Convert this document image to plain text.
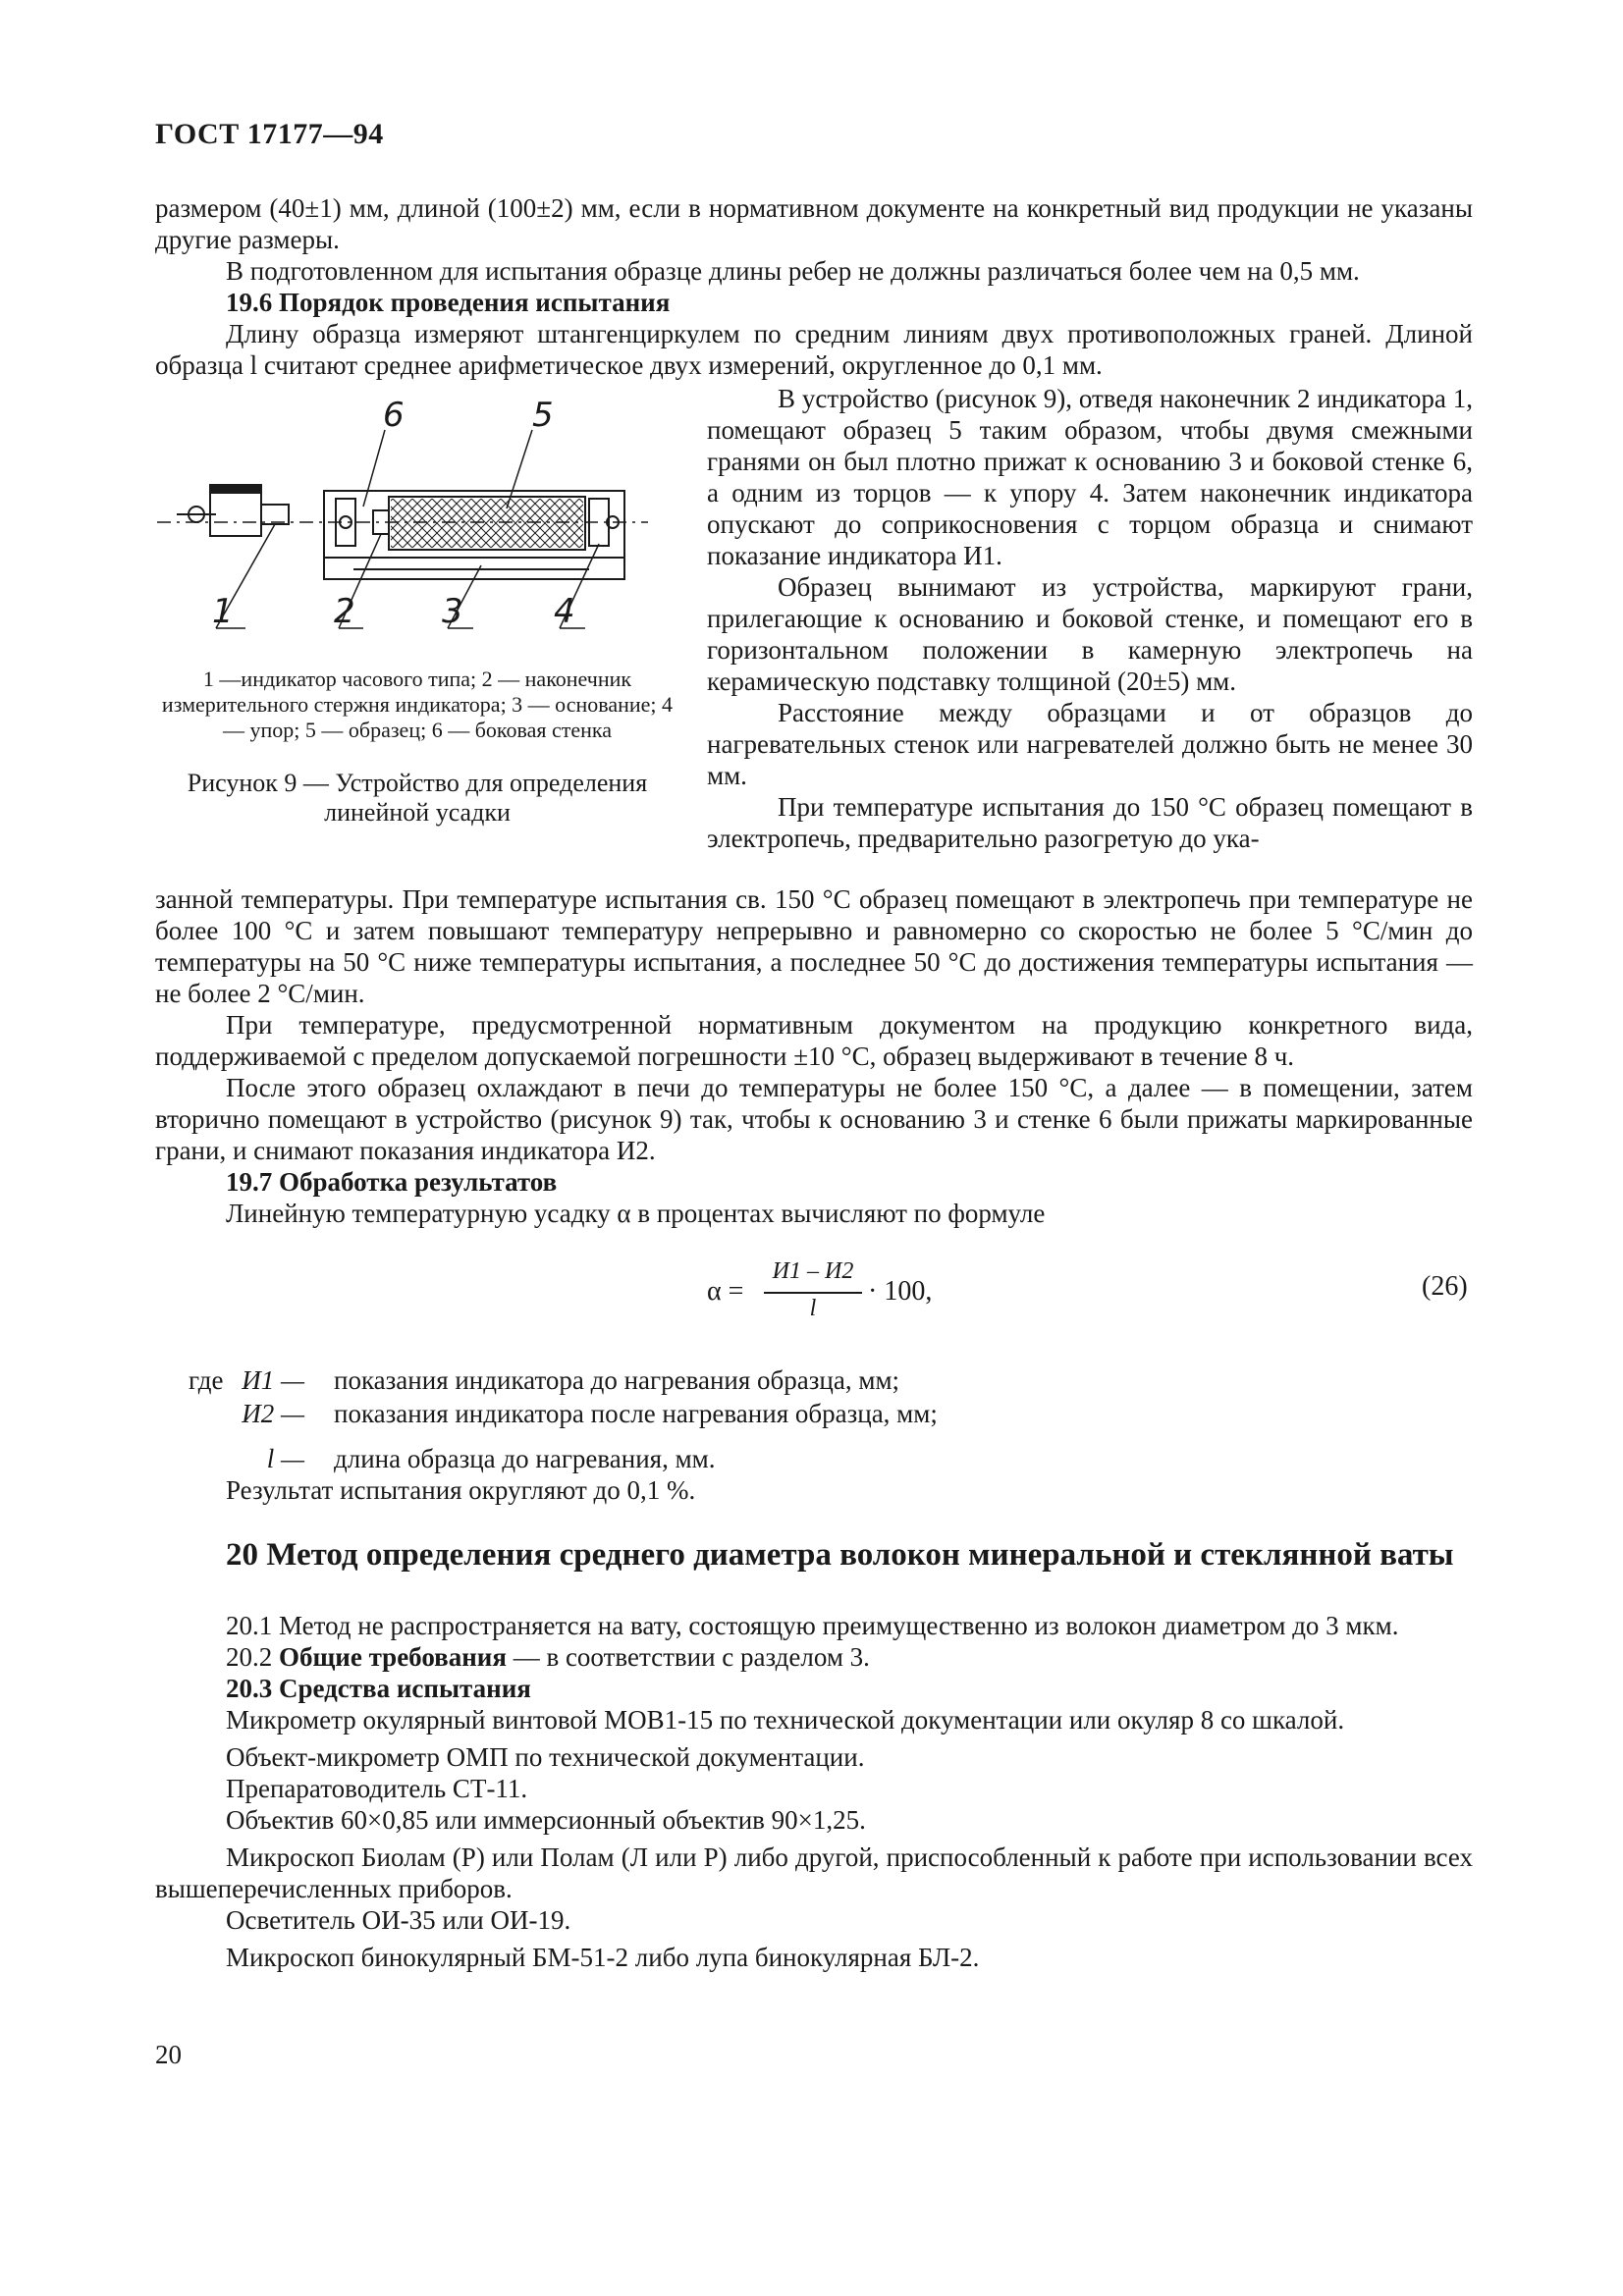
ГОСТ 17177—94

размером (40±1) мм, длиной (100±2) мм, если в нормативном документе на конкретный вид продукции не указаны другие размеры.

В подготовленном для испытания образце длины ребер не должны различаться более чем на 0,5 мм.

19.6 Порядок проведения испытания

Длину образца измеряют штангенциркулем по средним линиям двух противоположных граней. Длиной образца l считают среднее арифметическое двух измерений, округленное до 0,1 мм.

6	5
1	2	3	4

1 —индикатор часового типа; 2 — наконечник измерительного стержня индикатора; 3 — основание; 4 — упор; 5 — образец; 6 — боковая стенка

Рисунок 9 — Устройство для определения линейной усадки

В устройство (рисунок 9), отведя наконечник 2 индикатора 1, помещают образец 5 таким образом, чтобы двумя смежными гранями он был плотно прижат к основанию 3 и боковой стенке 6, а одним из торцов — к упору 4. Затем наконечник индикатора опускают до соприкосновения с торцом образца и снимают показание индикатора И1.

Образец вынимают из устройства, маркируют грани, прилегающие к основанию и боковой стенке, и помещают его в горизонтальном положении в камерную электропечь на керамическую подставку толщиной (20±5) мм.

Расстояние между образцами и от образцов до нагревательных стенок или нагревателей должно быть не менее 30 мм.

При температуре испытания до 150 °С образец помещают в электропечь, предварительно разогретую до ука-

занной температуры. При температуре испытания св. 150 °С образец помещают в электропечь при температуре не более 100 °С и затем повышают температуру непрерывно и равномерно со скоростью не более 5 °С/мин до температуры на 50 °С ниже температуры испытания, а последнее 50 °С до достижения температуры испытания — не более 2 °С/мин.

При температуре, предусмотренной нормативным документом на продукцию конкретного вида, поддерживаемой с пределом допускаемой погрешности ±10 °С, образец выдерживают в течение 8 ч.

После этого образец охлаждают в печи до температуры не более 150 °С, а далее — в помещении, затем вторично помещают в устройство (рисунок 9) так, чтобы к основанию 3 и стенке 6 были прижаты маркированные грани, и снимают показания индикатора И2.

19.7 Обработка результатов

Линейную температурную усадку α в процентах вычисляют по формуле

α =
И1 – И2
l
· 100,	(26)
где И1 — показания индикатора до нагревания образца, мм;
И2 — показания индикатора после нагревания образца, мм;
l — длина образца до нагревания, мм.
Результат испытания округляют до 0,1 %.
20 Метод определения среднего диаметра волокон минеральной и стеклянной ваты

20.1 Метод не распространяется на вату, состоящую преимущественно из волокон диаметром до 3 мкм.

20.2 Общие требования — в соответствии с разделом 3.

20.3 Средства испытания

Микрометр окулярный винтовой МОВ1-15 по технической документации или окуляр 8 со шкалой.

Объект-микрометр ОМП по технической документации.

Препаратоводитель СТ-11.

Объектив 60×0,85 или иммерсионный объектив 90×1,25.

Микроскоп Биолам (Р) или Полам (Л или Р) либо другой, приспособленный к работе при использовании всех вышеперечисленных приборов.

Осветитель ОИ-35 или ОИ-19.

Микроскоп бинокулярный БМ-51-2 либо лупа бинокулярная БЛ-2.

20
